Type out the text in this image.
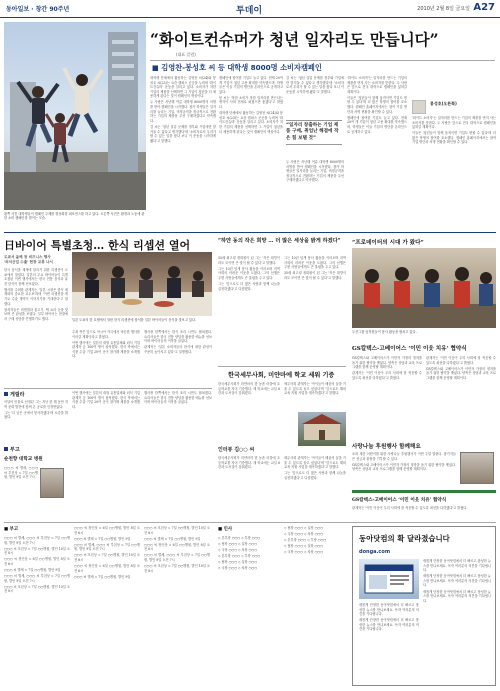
동아일보 · 창간 90주년	투데이	2010년 2월 8일 금요일 A27
왼쪽 사진 대학생들이 캠페인 주제를 형상화한 퍼포먼스를 하고 있다. 오른쪽 사진은 환경과 노동에 관한 소비 캠페인을 벌이는 모습.
“화이트컨슈머가 청년 일자리도 만듭니다”
(대표 칼럼)
■ 김영찬-봉성호 씨 등 대학생 8000명 소비자캠페인

대학생 단체에서 활동하는 김영찬 씨(24)와 봉성호 씨(23)는 요즘 캠퍼스 곳곳을 누비며 '화이트컨슈머' 운동을 알리고 있다. 소비자가 착한 기업의 제품을 선택하면 그 기업이 청년을 더 채용하게 된다는 것이 캠페인의 핵심이다.

두 사람은 지난해 여름 대학생 8000명의 서명을 받아 캠페인을 시작했다. 참가 학생들은 일자리를 늘리는 기업, 비정규직을 정규직으로 전환하는 기업의 제품을 우선 구매하겠다고 약속했다.

김 씨는 '청년 실업 문제를 정부와 기업에만 맡겨둘 수 없다고 생각했다'며 '소비자로서 우리가 할 수 있는 일을 찾다 보니 이 운동을 시작하게 됐다'고 말했다.

캠페인에 참여한 기업도 늘고 있다. 현재 20여 개 기업이 청년 고용 확대를 약속했으며, 학생들은 이들 기업의 명단을 온라인으로 공개하고 있다.

봉 씨는 '착한 소비가 착한 일자리를 만든다는 생각이 사회 전체로 퍼졌으면 좋겠다'고 밝혔다.

대학생 단체에서 활동하는 김영찬 씨(24)와 봉성호 씨(23)는 요즘 캠퍼스 곳곳을 누비며 '화이트컨슈머' 운동을 알리고 있다. 소비자가 착한 기업의 제품을 선택하면 그 기업이 청년을 더 채용하게 된다는 것이 캠페인의 핵심이다.

김 씨는 '청년 실업 문제를 정부와 기업에만 맡겨둘 수 없다고 생각했다'며 '소비자로서 우리가 할 수 있는 일을 찾다 보니 이 운동을 시작하게 됐다'고 말했다.

“일자리 창출하는 기업 제품 구매, 취업난 해결에 작은 힘 보탤 것”

두 사람은 지난해 여름 대학생 8000명의 서명을 받아 캠페인을 시작했다. 참가 학생들은 일자리를 늘리는 기업, 비정규직을 정규직으로 전환하는 기업의 제품을 우선 구매하겠다고 약속했다.

'화이트 소비자'는 일자리를 만드는 기업의 제품을 먼저 사는 소비자를 뜻한다. 두 사람은 앞으로 전국 대학으로 캠페인을 넓혀갈 계획이다.

이들은 '청년들이 함께 움직이면 기업도 변할 수 있다'며 더 많은 학생의 참여를 호소했다. 캠페인 홈페이지에서는 참여 기업 명단과 서명 현황을 확인할 수 있다.

캠페인에 참여한 기업도 늘고 있다. 현재 20여 개 기업이 청년 고용 확대를 약속했으며, 학생들은 이들 기업의 명단을 온라인으로 공개하고 있다.

봉성호(오른쪽)

'화이트 소비자'는 일자리를 만드는 기업의 제품을 먼저 사는 소비자를 뜻한다. 두 사람은 앞으로 전국 대학으로 캠페인을 넓혀갈 계획이다.

이들은 '청년들이 함께 움직이면 기업도 변할 수 있다'며 더 많은 학생의 참여를 호소했다. 캠페인 홈페이지에서는 참여 기업 명단과 서명 현황을 확인할 수 있다.

日바이어 특별초청… 한식 리셉션 열어
도쿄서 올해 첫 비즈니스 행사
'외식산업 수출' 현장 교류 나서

한국 음식을 세계에 알리기 위한 리셉션이 도쿄에서 열렸다. 일본의 주요 바이어들이 특별 초청된 이번 행사에서는 한국 전통 음식과 퓨전 한식이 함께 선보였다.

행사를 주최한 관계자는 '일본 시장은 한식 세계화의 중요한 교두보'라며 '이번 리셉션을 계기로 수출 계약이 이어지기를 기대한다'고 말했다.

참석자들은 비빔밥과 불고기, 떡 요리 등을 맛보며 큰 관심을 보였다. 일부 바이어는 현장에서 구매 상담을 진행하기도 했다.	일본 도쿄의 한 호텔에서 열린 한식 리셉션에 참석한 일본 바이어들이 음식을 맛보고 있다.

주최 측은 앞으로 아시아 각국에서 비슷한 행사를 이어갈 계획이라고 밝혔다.

이번 행사에는 일본의 대형 유통업체와 외식 기업 관계자 등 100여 명이 참석했다. 한국 측에서는 식품 수출 기업 20여 곳이 참가해 제품을 소개했다.

행사장 한쪽에서는 한식 조리 시연도 펼쳐졌다. 요리사들은 한국 전통 양념을 활용한 메뉴를 선보이며 바이어들의 이목을 끌었다.

관계자는 '일본 소비자들의 한식에 대한 관심이 꾸준히 높아지고 있다'고 설명했다.

“하얀 동의 작은 희망 … 더 많은 세상을 밝게 하겠다”

35세 최고령 정회원이 된 그는 '작은 희망이라도 모이면 큰 빛이 될 수 있다'고 말했다.

그는 10년 넘게 봉사 활동을 이어오며 지역 사회의 어려운 이웃을 도왔다. 그의 선행은 주변 사람들에게도 큰 울림을 주고 있다.

그는 '앞으로도 더 많은 사람과 함께 나눔을 실천하겠다'고 다짐했다.

그는 10년 넘게 봉사 활동을 이어오며 지역 사회의 어려운 이웃을 도왔다. 그의 선행은 주변 사람들에게도 큰 울림을 주고 있다.

35세 최고령 정회원이 된 그는 '작은 희망이라도 모이면 큰 빛이 될 수 있다'고 말했다.

한국세무사회, 미얀마에 학교 세워 기증

한국세무사회가 미얀마의 한 농촌 마을에 초등학교를 지어 기증했다. 새 학교에는 교실 6칸과 도서실이 갖춰졌다.

세무사회 관계자는 '아이들이 배움의 꿈을 키울 수 있도록 돕고 싶었다'며 '앞으로도 해외 교육 지원 사업을 계속하겠다'고 말했다.

“프로데이터의 시대 가 왔다”
두산그룹 임직원들이 봉사 활동을 펼치고 있다.
GS칼텍스-고베이어스 ‘이민 이웃 치유’ 협약식

GS칼텍스와 고베이어스가 이민자 가정의 정착을 돕기 위한 협약을 맺었다. 양측은 상담과 교육 프로그램을 함께 운영할 계획이다.

관계자는 '이민 이웃이 우리 사회에 잘 적응할 수 있도록 최선을 다하겠다'고 밝혔다.

관계자는 '이민 이웃이 우리 사회에 잘 적응할 수 있도록 최선을 다하겠다'고 밝혔다.

GS칼텍스와 고베이어스가 이민자 가정의 정착을 돕기 위한 협약을 맺었다. 양측은 상담과 교육 프로그램을 함께 운영할 계획이다.

게릴라

이달의 인물로 선정된 그는 지난 한 해 동안 지역 문화 발전에 힘써 온 공로를 인정받았다.

그는 '더 낮은 곳에서 봉사하겠다'며 소감을 밝혔다.

이번 행사에는 일본의 대형 유통업체와 외식 기업 관계자 등 100여 명이 참석했다. 한국 측에서는 식품 수출 기업 20여 곳이 참가해 제품을 소개했다.

행사장 한쪽에서는 한식 조리 시연도 펼쳐졌다. 요리사들은 한국 전통 양념을 활용한 메뉴를 선보이며 바이어들의 이목을 끌었다.

부고
순천향 대학교 병원

○○○ 씨 별세, ○○○ 씨 부친상 = 7일 ○○병원, 발인 9일 오전 7시

사랑나눔 후원행사 함께해요

소외 계층 어린이를 위한 사랑나눔 후원행사가 이번 주말 열린다. 참가자들은 성금과 물품을 기부할 수 있다.

GS칼텍스와 고베이어스가 이민자 가정의 정착을 돕기 위한 협약을 맺었다. 양측은 상담과 교육 프로그램을 함께 운영할 계획이다.

인터뷰 김○○ 씨

한국세무사회가 미얀마의 한 농촌 마을에 초등학교를 지어 기증했다. 새 학교에는 교실 6칸과 도서실이 갖춰졌다.

세무사회 관계자는 '아이들이 배움의 꿈을 키울 수 있도록 돕고 싶었다'며 '앞으로도 해외 교육 지원 사업을 계속하겠다'고 말했다.

그는 '앞으로도 더 많은 사람과 함께 나눔을 실천하겠다'고 다짐했다.

GS칼텍스-고베이어스 ‘이민 이웃 치유’ 협약식

관계자는 '이민 이웃이 우리 사회에 잘 적응할 수 있도록 최선을 다하겠다'고 밝혔다.

■ 부고

○○○ 씨 별세, ○○○ 씨 부친상 = 7일 ○○병원, 발인 9일 오전 7시

○○○ 씨 모친상 = 7일 ○○병원, 발인 10일 오전 8시

○○○ 씨 장인상 = 6일 ○○병원, 발인 8일 오전 6시

○○○ 씨 별세 = 7일 ○○병원, 발인 9일

○○○ 씨 별세, ○○○ 씨 부친상 = 7일 ○○병원, 발인 9일 오전 7시

○○○ 씨 모친상 = 7일 ○○병원, 발인 10일 오전 8시

○○○ 씨 장인상 = 6일 ○○병원, 발인 8일 오전 6시

○○○ 씨 별세 = 7일 ○○병원, 발인 9일

○○○ 씨 별세, ○○○ 씨 부친상 = 7일 ○○병원, 발인 9일 오전 7시

○○○ 씨 모친상 = 7일 ○○병원, 발인 10일 오전 8시

○○○ 씨 장인상 = 6일 ○○병원, 발인 8일 오전 6시

○○○ 씨 별세 = 7일 ○○병원, 발인 9일

○○○ 씨 모친상 = 7일 ○○병원, 발인 10일 오전 8시

○○○ 씨 별세 = 7일 ○○병원, 발인 9일

○○○ 씨 장인상 = 6일 ○○병원, 발인 8일 오전 6시

○○○ 씨 별세, ○○○ 씨 부친상 = 7일 ○○병원, 발인 9일 오전 7시

○○○ 씨 모친상 = 7일 ○○병원, 발인 10일 오전 8시

■ 인사

◇ 본부장 ○○○ ◇ 부장 ○○○

◇ 팀장 ○○○ ◇ 실장 ○○○

◇ 국장 ○○○ ◇ 차장 ○○○

◇ 본부장 ○○○ ◇ 부장 ○○○

◇ 팀장 ○○○ ◇ 실장 ○○○

◇ 국장 ○○○ ◇ 차장 ○○○

◇ 팀장 ○○○ ◇ 실장 ○○○

◇ 국장 ○○○ ◇ 차장 ○○○

◇ 본부장 ○○○ ◇ 부장 ○○○

◇ 팀장 ○○○ ◇ 실장 ○○○

◇ 국장 ○○○ ◇ 차장 ○○○

동아닷컴의 확 달라졌습니다
donga.com

새롭게 단장한 동아닷컴에서 더 빠르고 풍성한 뉴스를 만나보세요. 독자 여러분의 의견을 기다립니다.

새롭게 단장한 동아닷컴에서 더 빠르고 풍성한 뉴스를 만나보세요. 독자 여러분의 의견을 기다립니다.

새롭게 단장한 동아닷컴에서 더 빠르고 풍성한 뉴스를 만나보세요. 독자 여러분의 의견을 기다립니다.

새롭게 단장한 동아닷컴에서 더 빠르고 풍성한 뉴스를 만나보세요. 독자 여러분의 의견을 기다립니다.

새롭게 단장한 동아닷컴에서 더 빠르고 풍성한 뉴스를 만나보세요. 독자 여러분의 의견을 기다립니다.
